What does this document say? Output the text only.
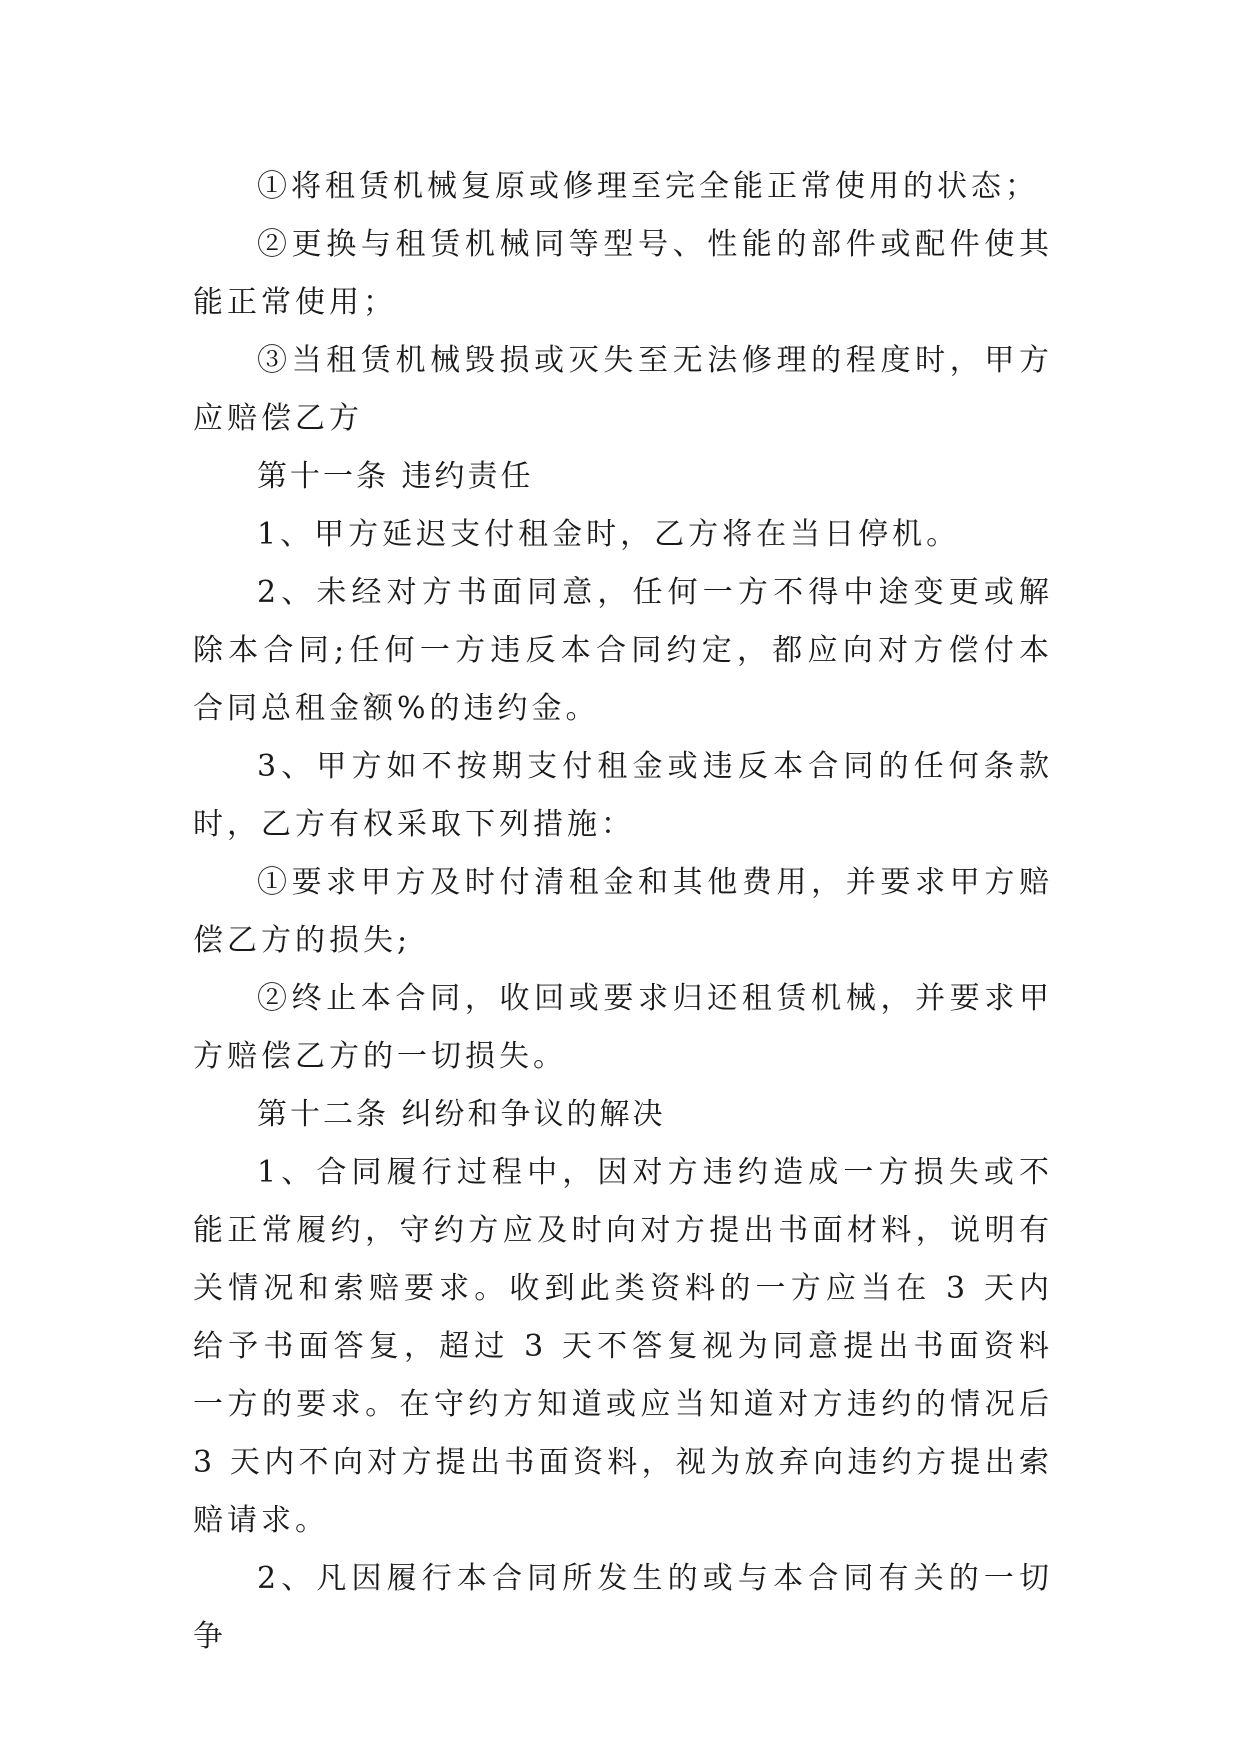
①将租赁机械复原或修理至完全能正常使用的状态；

②更换与租赁机械同等型号、性能的部件或配件使其能正常使用；

③当租赁机械毁损或灭失至无法修理的程度时，甲方应赔偿乙方

第十一条 违约责任

1、甲方延迟支付租金时，乙方将在当日停机。

2、未经对方书面同意，任何一方不得中途变更或解除本合同;任何一方违反本合同约定，都应向对方偿付本合同总租金额%的违约金。

3、甲方如不按期支付租金或违反本合同的任何条款时，乙方有权采取下列措施：

①要求甲方及时付清租金和其他费用，并要求甲方赔偿乙方的损失;

②终止本合同，收回或要求归还租赁机械，并要求甲方赔偿乙方的一切损失。

第十二条 纠纷和争议的解决

1、合同履行过程中，因对方违约造成一方损失或不能正常履约，守约方应及时向对方提出书面材料，说明有关情况和索赔要求。收到此类资料的一方应当在 3 天内给予书面答复，超过 3 天不答复视为同意提出书面资料一方的要求。在守约方知道或应当知道对方违约的情况后 3 天内不向对方提出书面资料，视为放弃向违约方提出索赔请求。

2、凡因履行本合同所发生的或与本合同有关的一切争
